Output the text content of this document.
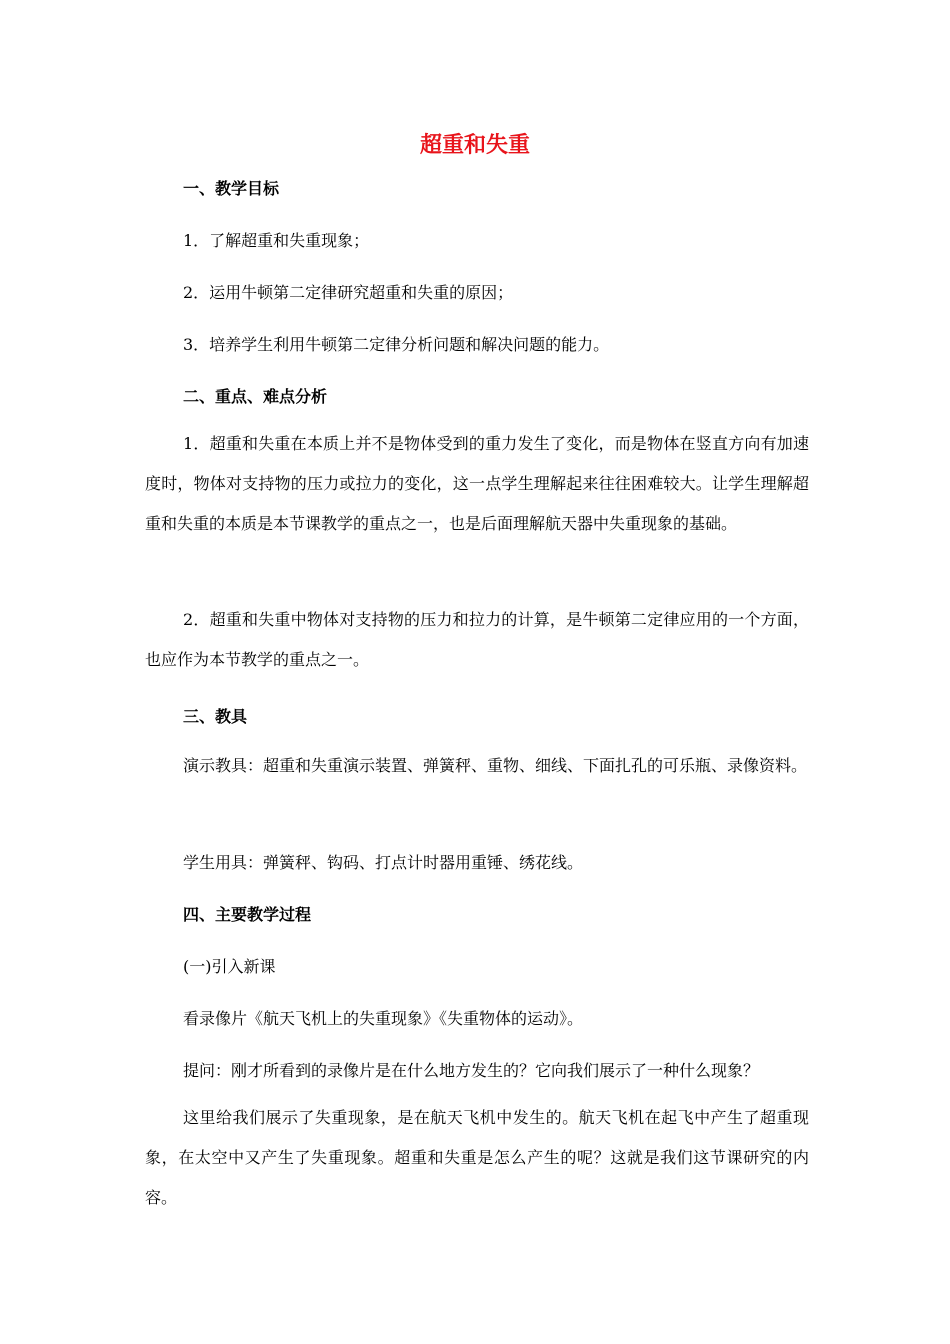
超重和失重
一、教学目标
1．了解超重和失重现象；
2．运用牛顿第二定律研究超重和失重的原因；
3．培养学生利用牛顿第二定律分析问题和解决问题的能力。
二、重点、难点分析
1．超重和失重在本质上并不是物体受到的重力发生了变化，而是物体在竖直方向有加速度时，物体对支持物的压力或拉力的变化，这一点学生理解起来往往困难较大。让学生理解超重和失重的本质是本节课教学的重点之一，也是后面理解航天器中失重现象的基础。
2．超重和失重中物体对支持物的压力和拉力的计算，是牛顿第二定律应用的一个方面，也应作为本节教学的重点之一。
三、教具
演示教具：超重和失重演示装置、弹簧秤、重物、细线、下面扎孔的可乐瓶、录像资料。
学生用具：弹簧秤、钩码、打点计时器用重锤、绣花线。
四、主要教学过程
(一)引入新课
看录像片《航天飞机上的失重现象》《失重物体的运动》。
提问：刚才所看到的录像片是在什么地方发生的？它向我们展示了一种什么现象？
这里给我们展示了失重现象，是在航天飞机中发生的。航天飞机在起飞中产生了超重现象，在太空中又产生了失重现象。超重和失重是怎么产生的呢？这就是我们这节课研究的内容。
